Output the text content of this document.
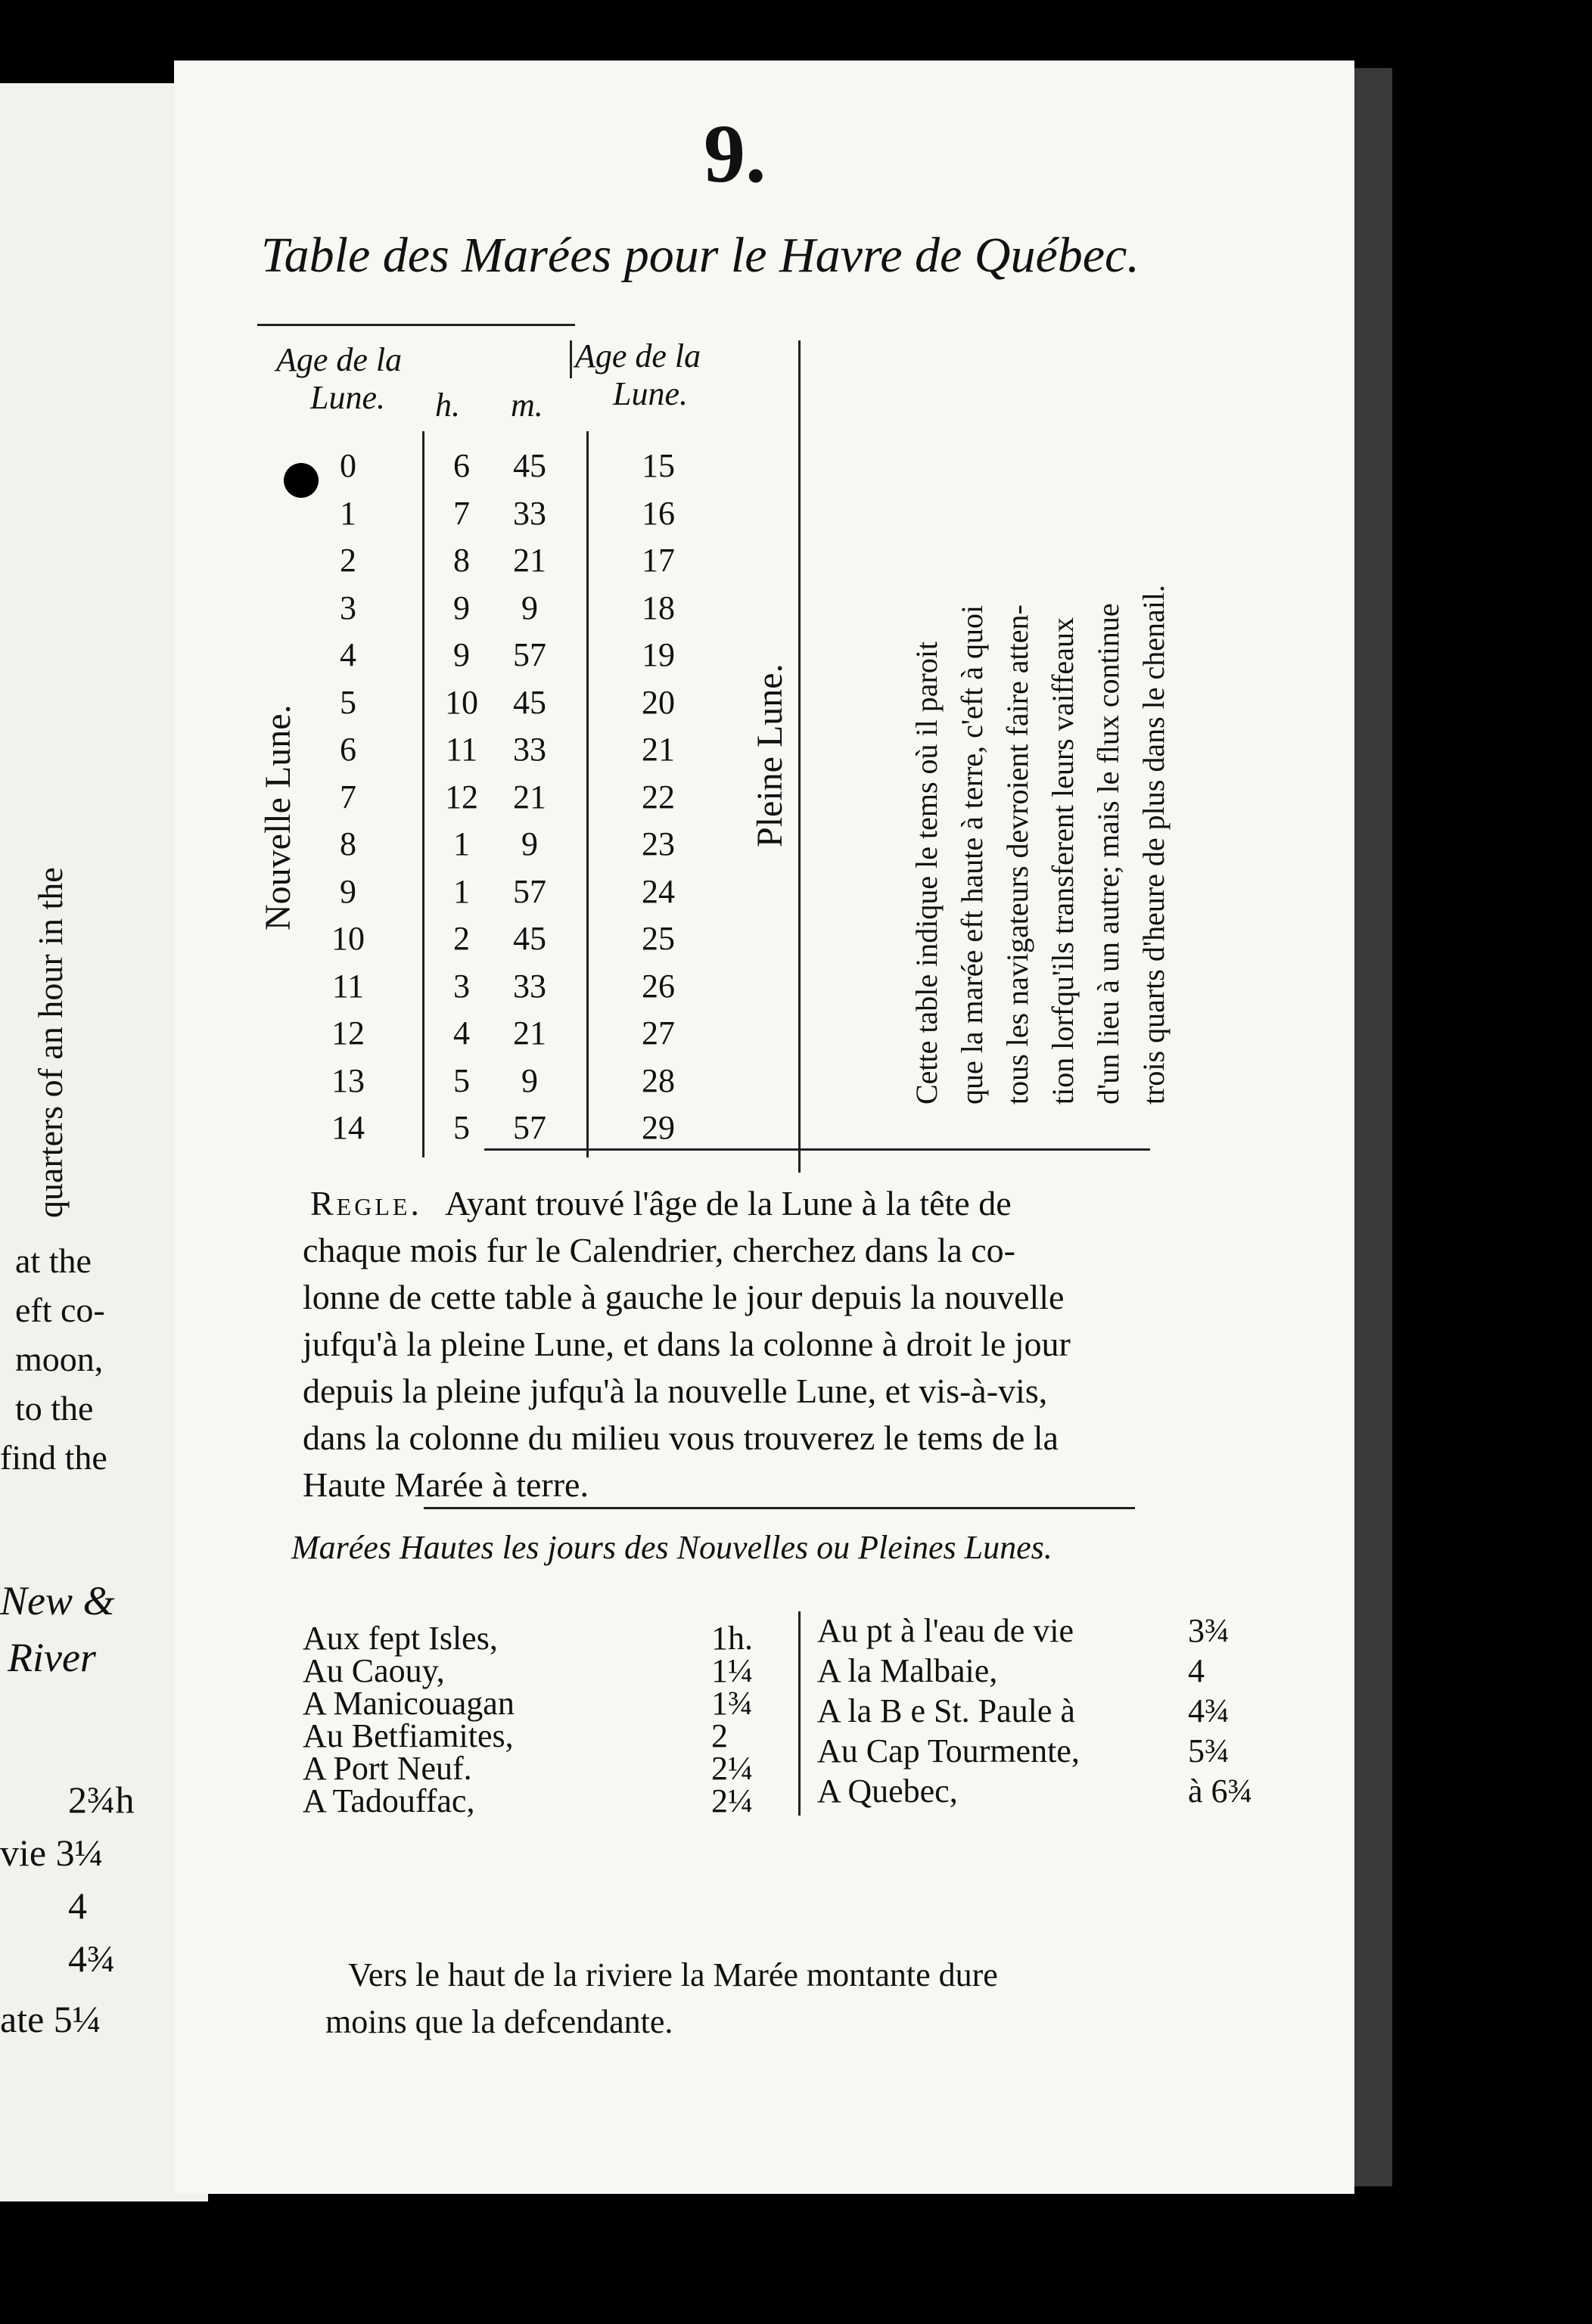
quarters of an hour in the
at the
eft co-
moon,
to the
find the
New &
River
2¾h
vie 3¼
4
4¾
ate 5¼
9.
Table des Marées pour le Havre de Québec.
Age de la
Lune. h. m.
Age de la
Lune.
Nouvelle Lune.	Pleine Lune.
0	6	45	15
1	7	33	16
2	8	21	17
3	9	9	18
4	9	57	19
5	10	45	20
6	11	33	21
7	12	21	22
8	1	9	23
9	1	57	24
10	2	45	25
11	3	33	26
12	4	21	27
13	5	9	28
14	5	57	29
Cette table indique le tems où il paroit que la marée eft haute à terre, c'eft à quoi tous les navigateurs devroient faire atten- tion lorfqu'ils transferent leurs vaiffeaux d'un lieu à un autre; mais le flux continue trois quarts d'heure de plus dans le chenail.
Regle. Ayant trouvé l'âge de la Lune à la tête de
chaque mois fur le Calendrier, cherchez dans la co-
lonne de cette table à gauche le jour depuis la nouvelle
jufqu'à la pleine Lune, et dans la colonne à droit le jour
depuis la pleine jufqu'à la nouvelle Lune, et vis-à-vis,
dans la colonne du milieu vous trouverez le tems de la
Haute Marée à terre.
Marées Hautes les jours des Nouvelles ou Pleines Lunes.
Aux fept Isles,	1h.
Au Caouy,	1¼
A Manicouagan	1¾
Au Betfiamites,	2
A Port Neuf.	2¼
A Tadouffac,	2¼
Au pt à l'eau de vie	3¾
A la Malbaie,	4
A la B e St. Paule à	4¾
Au Cap Tourmente,	5¾
A Quebec,	à 6¾
Vers le haut de la riviere la Marée montante dure
moins que la defcendante.
